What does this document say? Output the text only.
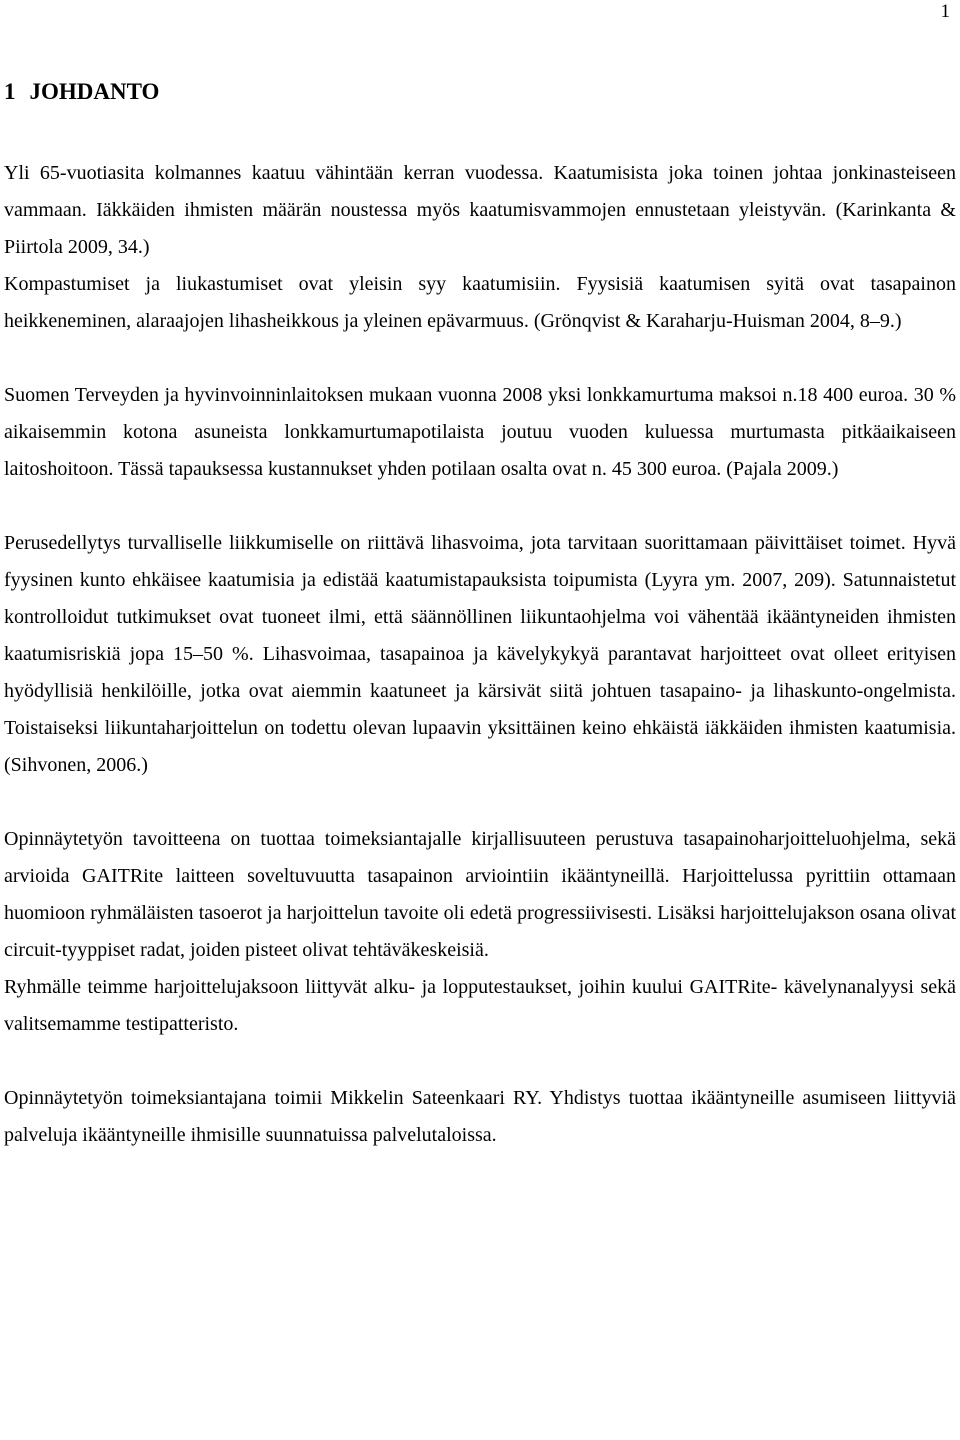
1
1 JOHDANTO

Yli 65-vuotiasita kolmannes kaatuu vähintään kerran vuodessa. Kaatumisista joka toinen johtaa jonkinasteiseen vammaan. Iäkkäiden ihmisten määrän noustessa myös kaatumisvammojen ennustetaan yleistyvän. (Karinkanta & Piirtola 2009, 34.)

Kompastumiset ja liukastumiset ovat yleisin syy kaatumisiin. Fyysisiä kaatumisen syitä ovat tasapainon heikkeneminen, alaraajojen lihasheikkous ja yleinen epävarmuus. (Grönqvist & Karaharju-Huisman 2004, 8–9.)

Suomen Terveyden ja hyvinvoinninlaitoksen mukaan vuonna 2008 yksi lonkkamurtuma maksoi n.18 400 euroa. 30 % aikaisemmin kotona asuneista lonkkamurtumapotilaista joutuu vuoden kuluessa murtumasta pitkäaikaiseen laitoshoitoon. Tässä tapauksessa kustannukset yhden potilaan osalta ovat n. 45 300 euroa. (Pajala 2009.)

Perusedellytys turvalliselle liikkumiselle on riittävä lihasvoima, jota tarvitaan suorittamaan päivittäiset toimet. Hyvä fyysinen kunto ehkäisee kaatumisia ja edistää kaatumistapauksista toipumista (Lyyra ym. 2007, 209). Satunnaistetut kontrolloidut tutkimukset ovat tuoneet ilmi, että säännöllinen liikuntaohjelma voi vähentää ikääntyneiden ihmisten kaatumisriskiä jopa 15–50 %. Lihasvoimaa, tasapainoa ja kävelykykyä parantavat harjoitteet ovat olleet erityisen hyödyllisiä henkilöille, jotka ovat aiemmin kaatuneet ja kärsivät siitä johtuen tasapaino- ja lihaskunto-ongelmista. Toistaiseksi liikuntaharjoittelun on todettu olevan lupaavin yksittäinen keino ehkäistä iäkkäiden ihmisten kaatumisia. (Sihvonen, 2006.)

Opinnäytetyön tavoitteena on tuottaa toimeksiantajalle kirjallisuuteen perustuva tasapainoharjoitteluohjelma, sekä arvioida GAITRite laitteen soveltuvuutta tasapainon arviointiin ikääntyneillä. Harjoittelussa pyrittiin ottamaan huomioon ryhmäläisten tasoerot ja harjoittelun tavoite oli edetä progressiivisesti. Lisäksi harjoittelujakson osana olivat circuit-tyyppiset radat, joiden pisteet olivat tehtäväkeskeisiä.

Ryhmälle teimme harjoittelujaksoon liittyvät alku- ja lopputestaukset, joihin kuului GAITRite- kävelynanalyysi sekä valitsemamme testipatteristo.

Opinnäytetyön toimeksiantajana toimii Mikkelin Sateenkaari RY. Yhdistys tuottaa ikääntyneille asumiseen liittyviä palveluja ikääntyneille ihmisille suunnatuissa palvelutaloissa.
